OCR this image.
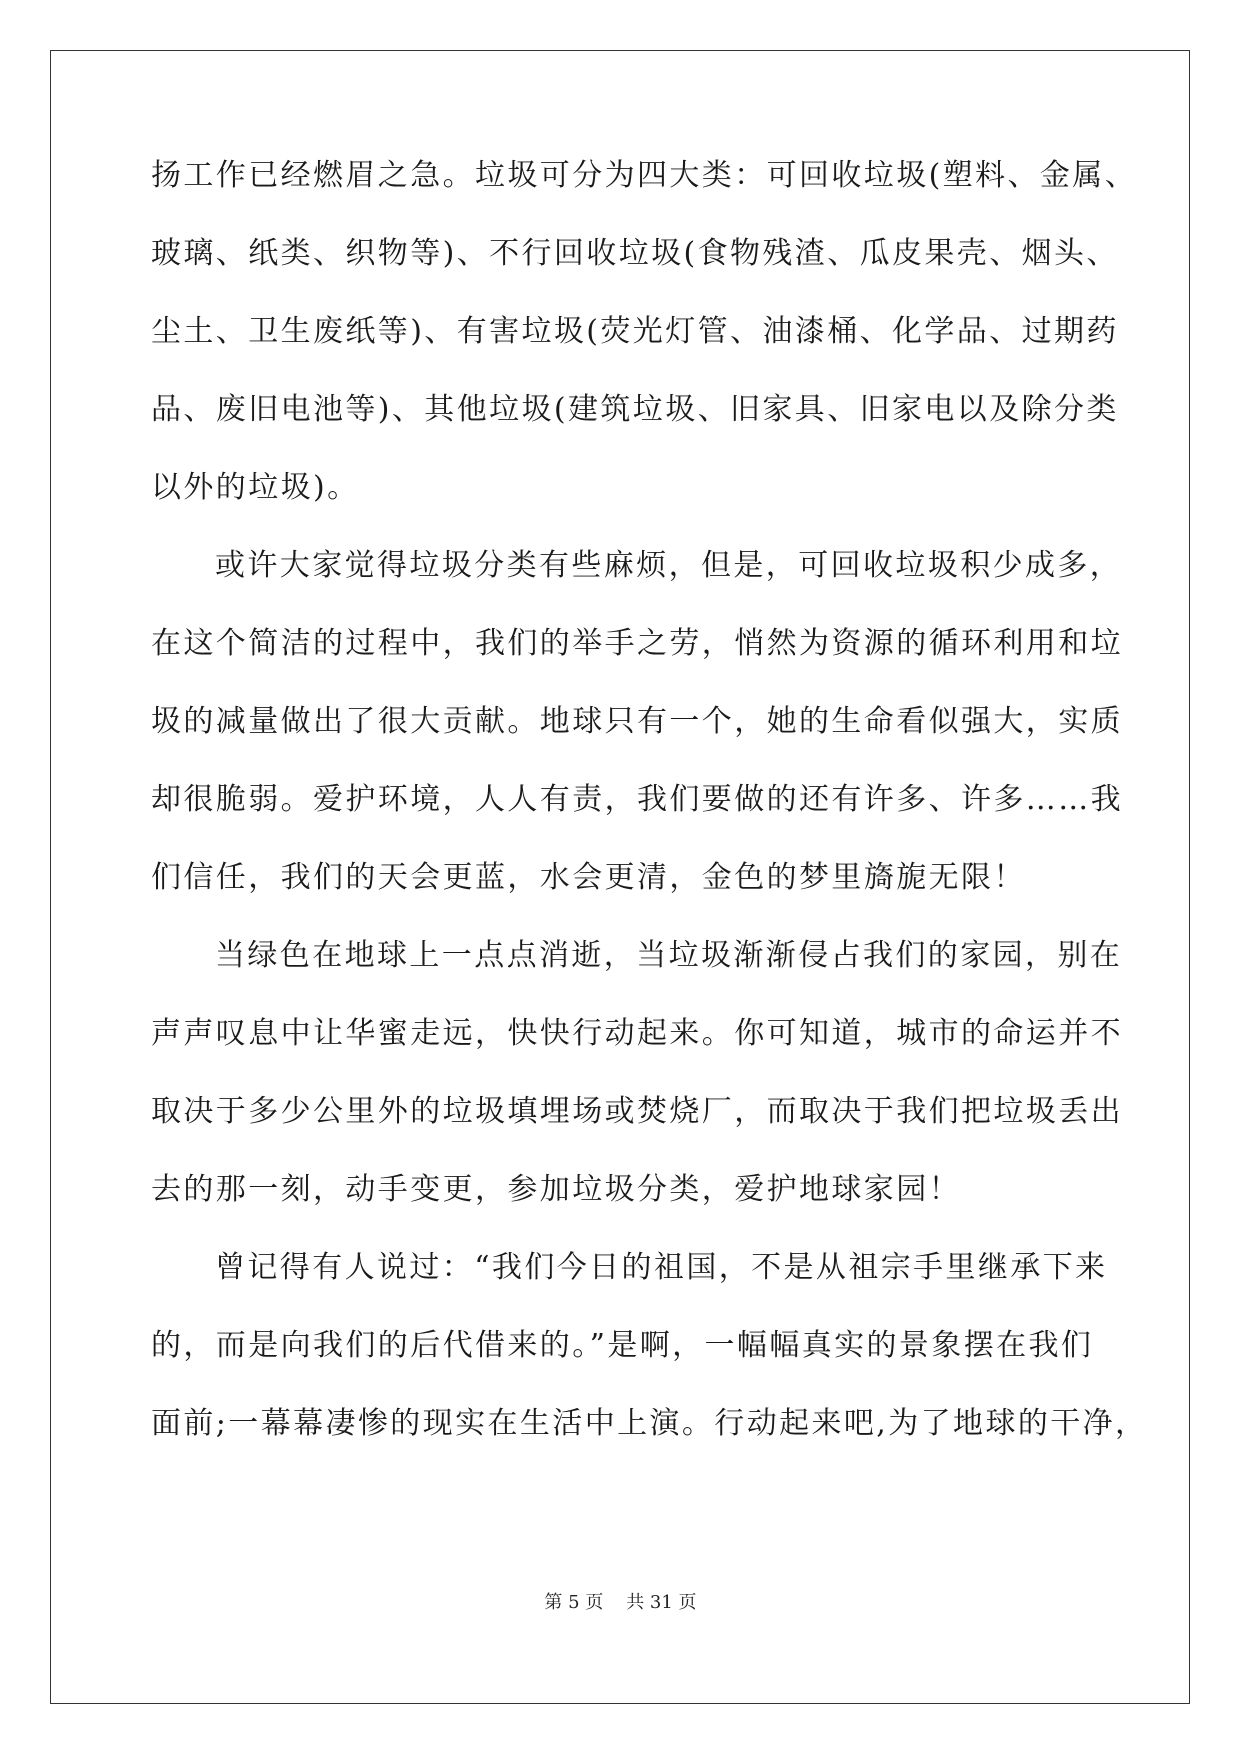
扬工作已经燃眉之急。垃圾可分为四大类：可回收垃圾(塑料、金属、
玻璃、纸类、织物等)、不行回收垃圾(食物残渣、瓜皮果壳、烟头、
尘土、卫生废纸等)、有害垃圾(荧光灯管、油漆桶、化学品、过期药
品、废旧电池等)、其他垃圾(建筑垃圾、旧家具、旧家电以及除分类
以外的垃圾)。
或许大家觉得垃圾分类有些麻烦，但是，可回收垃圾积少成多，
在这个简洁的过程中，我们的举手之劳，悄然为资源的循环利用和垃
圾的减量做出了很大贡献。地球只有一个，她的生命看似强大，实质
却很脆弱。爱护环境，人人有责，我们要做的还有许多、许多……我
们信任，我们的天会更蓝，水会更清，金色的梦里旖旎无限！
当绿色在地球上一点点消逝，当垃圾渐渐侵占我们的家园，别在
声声叹息中让华蜜走远，快快行动起来。你可知道，城市的命运并不
取决于多少公里外的垃圾填埋场或焚烧厂，而取决于我们把垃圾丢出
去的那一刻，动手变更，参加垃圾分类，爱护地球家园！
曾记得有人说过：“我们今日的祖国，不是从祖宗手里继承下来
的，而是向我们的后代借来的。”是啊，一幅幅真实的景象摆在我们
面前;一幕幕凄惨的现实在生活中上演。行动起来吧,为了地球的干净，
第 5 页    共 31 页
